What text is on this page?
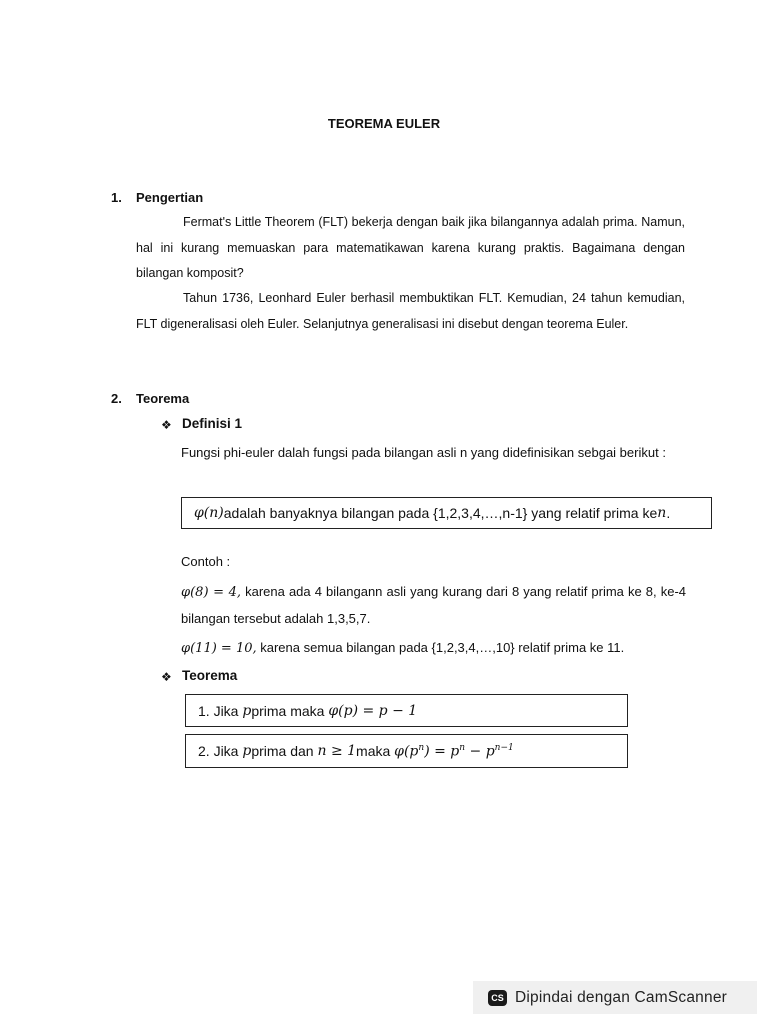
TEOREMA EULER
1. Pengertian
Fermat's Little Theorem (FLT) bekerja dengan baik jika bilangannya adalah prima. Namun, hal ini kurang memuaskan para matematikawan karena kurang praktis. Bagaimana dengan bilangan komposit?
Tahun 1736, Leonhard Euler berhasil membuktikan FLT. Kemudian, 24 tahun kemudian, FLT digeneralisasi oleh Euler. Selanjutnya generalisasi ini disebut dengan teorema Euler.
2. Teorema
❖ Definisi 1
Fungsi phi-euler dalah fungsi pada bilangan asli n yang didefinisikan sebgai berikut :
φ(n) adalah banyaknya bilangan pada {1,2,3,4,…,n-1} yang relatif prima ke n .
Contoh :
φ(8) = 4, karena ada 4 bilangann asli yang kurang dari 8 yang relatif prima ke 8, ke-4 bilangan tersebut adalah 1,3,5,7.
φ(11) = 10, karena semua bilangan pada {1,2,3,4,…,10} relatif prima ke 11.
❖ Teorema
1. Jika
p prima maka
φ(p) = p − 1
2. Jika
p prima dan
n ≥ 1 maka
$\varphi(p^n) = p^n - p^{n-1}$
CS Dipindai dengan CamScanner
